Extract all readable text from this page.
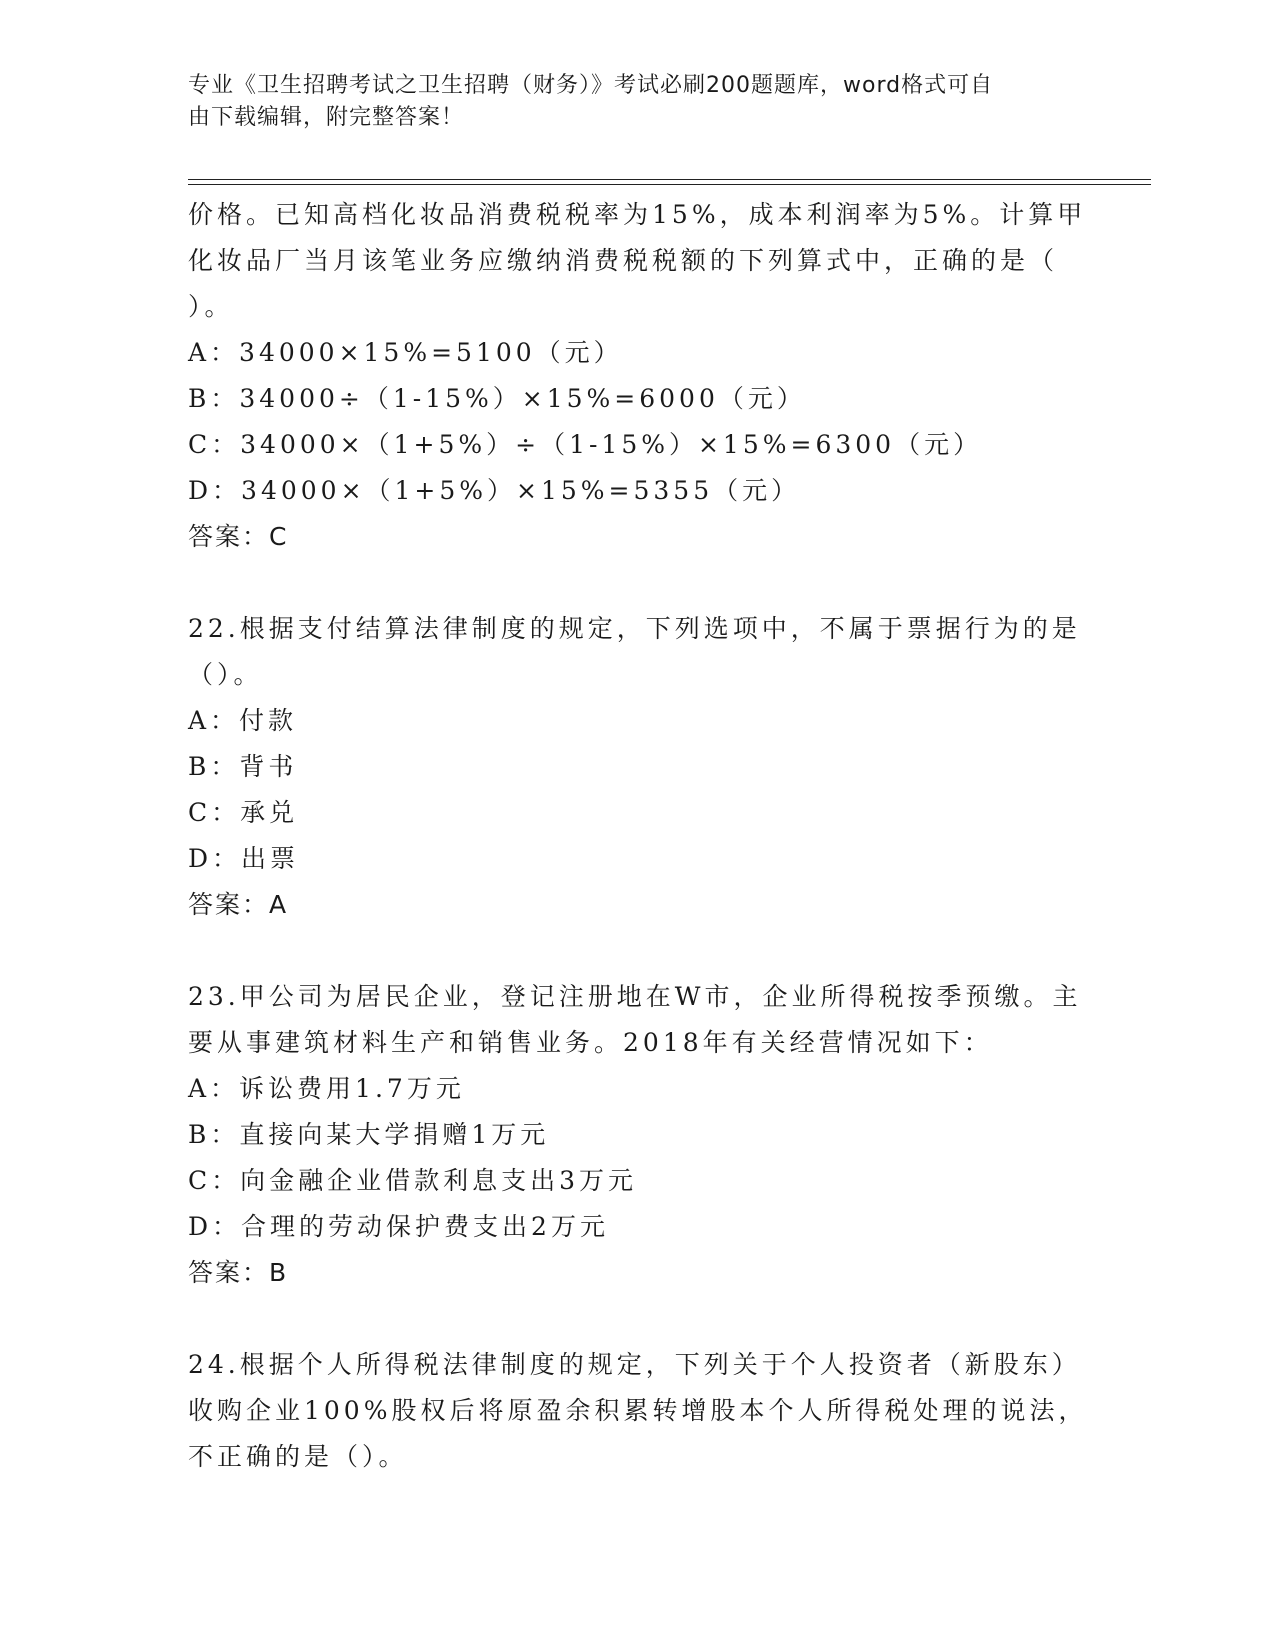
专业《卫生招聘考试之卫生招聘（财务）》考试必刷200题题库，word格式可自
由下载编辑，附完整答案！
价格。已知高档化妆品消费税税率为15%，成本利润率为5%。计算甲
化妆品厂当月该笔业务应缴纳消费税税额的下列算式中，正确的是（
）。
A：34000×15%=5100（元）
B：34000÷（1-15%）×15%=6000（元）
C：34000×（1+5%）÷（1-15%）×15%=6300（元）
D：34000×（1+5%）×15%=5355（元）
答案：C
22.根据支付结算法律制度的规定，下列选项中，不属于票据行为的是
（）。
A：付款
B：背书
C：承兑
D：出票
答案：A
23.甲公司为居民企业，登记注册地在W市，企业所得税按季预缴。主
要从事建筑材料生产和销售业务。2018年有关经营情况如下：
A：诉讼费用1.7万元
B：直接向某大学捐赠1万元
C：向金融企业借款利息支出3万元
D：合理的劳动保护费支出2万元
答案：B
24.根据个人所得税法律制度的规定，下列关于个人投资者（新股东）
收购企业100%股权后将原盈余积累转增股本个人所得税处理的说法，
不正确的是（）。
